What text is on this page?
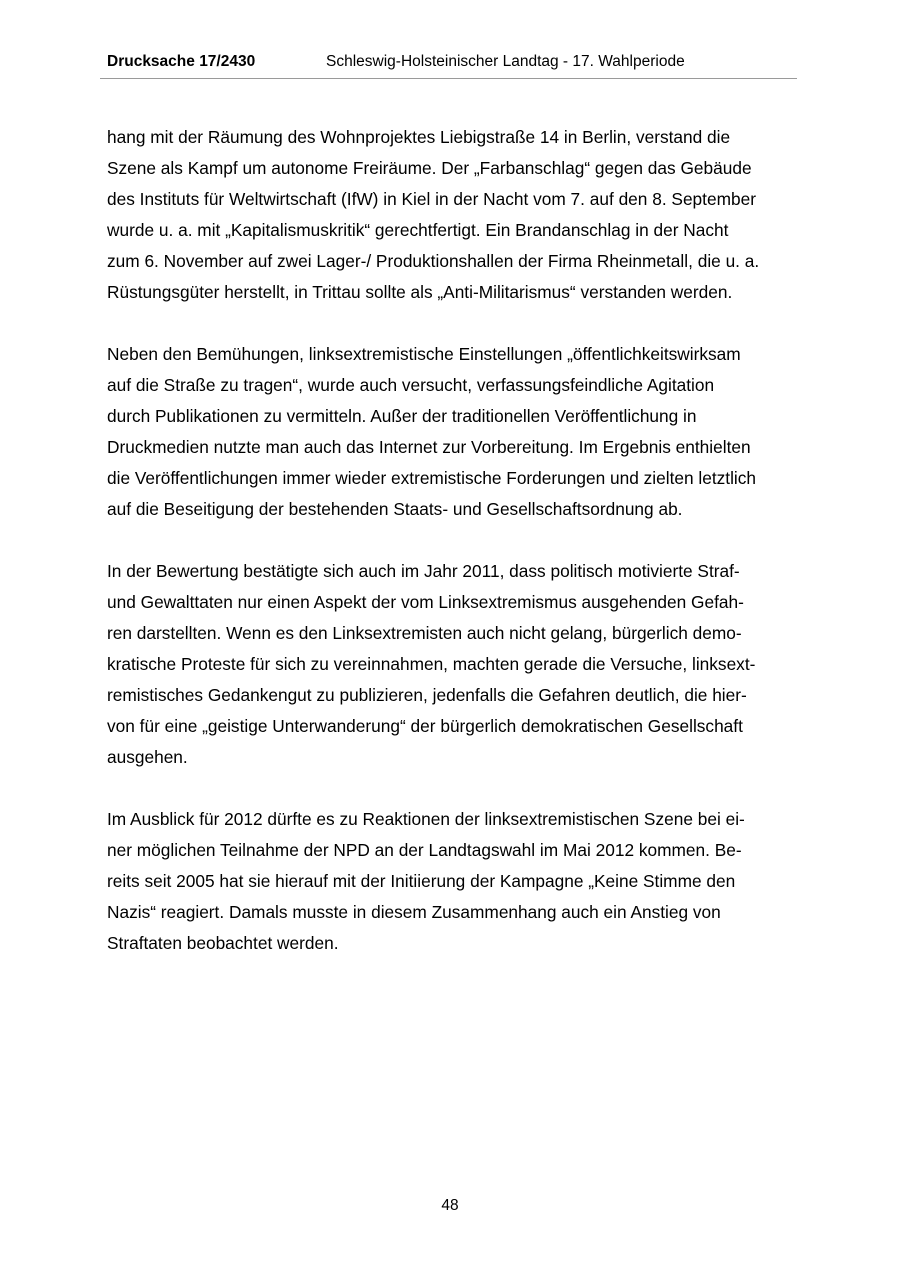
Drucksache 17/2430	Schleswig-Holsteinischer Landtag - 17. Wahlperiode

hang mit der Räumung des Wohnprojektes Liebigstraße 14 in Berlin, verstand die
Szene als Kampf um autonome Freiräume. Der „Farbanschlag“ gegen das Gebäude
des Instituts für Weltwirtschaft (IfW) in Kiel in der Nacht vom 7. auf den 8. September
wurde u. a. mit „Kapitalismuskritik“ gerechtfertigt. Ein Brandanschlag in der Nacht
zum 6. November auf zwei Lager-/ Produktionshallen der Firma Rheinmetall, die u. a.
Rüstungsgüter herstellt, in Trittau sollte als „Anti-Militarismus“ verstanden werden.

Neben den Bemühungen, linksextremistische Einstellungen „öffentlichkeitswirksam
auf die Straße zu tragen“, wurde auch versucht, verfassungsfeindliche Agitation
durch Publikationen zu vermitteln. Außer der traditionellen Veröffentlichung in
Druckmedien nutzte man auch das Internet zur Vorbereitung. Im Ergebnis enthielten
die Veröffentlichungen immer wieder extremistische Forderungen und zielten letztlich
auf die Beseitigung der bestehenden Staats- und Gesellschaftsordnung ab.

In der Bewertung bestätigte sich auch im Jahr 2011, dass politisch motivierte Straf-
und Gewalttaten nur einen Aspekt der vom Linksextremismus ausgehenden Gefah-
ren darstellten. Wenn es den Linksextremisten auch nicht gelang, bürgerlich demo-
kratische Proteste für sich zu vereinnahmen, machten gerade die Versuche, linksext-
remistisches Gedankengut zu publizieren, jedenfalls die Gefahren deutlich, die hier-
von für eine „geistige Unterwanderung“ der bürgerlich demokratischen Gesellschaft
ausgehen.

Im Ausblick für 2012 dürfte es zu Reaktionen der linksextremistischen Szene bei ei-
ner möglichen Teilnahme der NPD an der Landtagswahl im Mai 2012 kommen. Be-
reits seit 2005 hat sie hierauf mit der Initiierung der Kampagne „Keine Stimme den
Nazis“ reagiert. Damals musste in diesem Zusammenhang auch ein Anstieg von
Straftaten beobachtet werden.

48
